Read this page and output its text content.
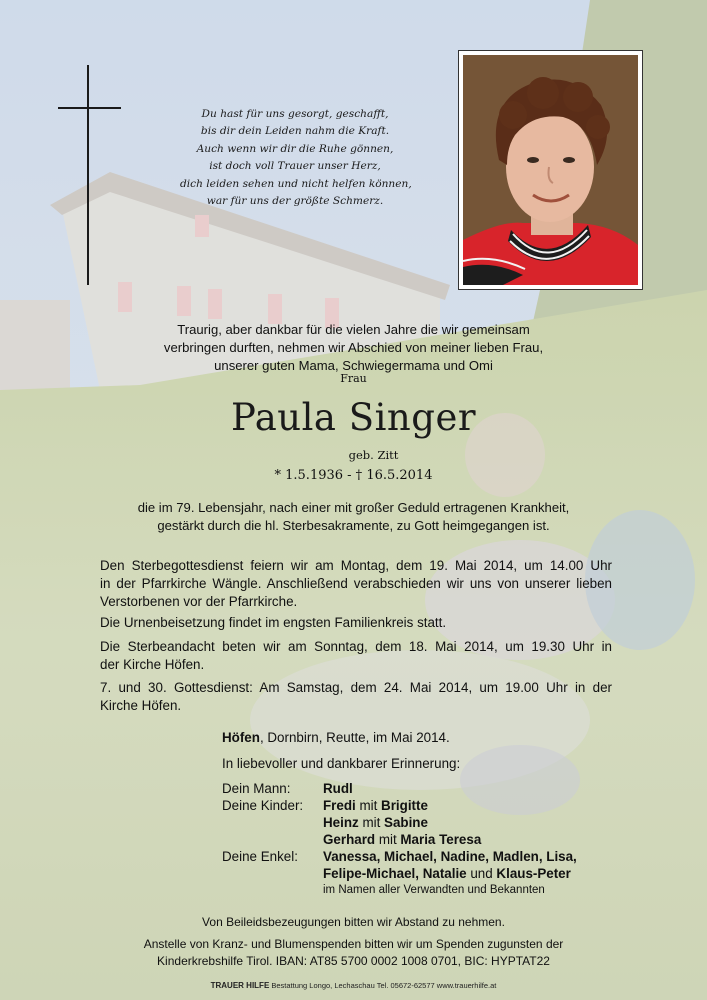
Du hast für uns gesorgt, geschafft,
bis dir dein Leiden nahm die Kraft.
Auch wenn wir dir die Ruhe gönnen,
ist doch voll Trauer unser Herz,
dich leiden sehen und nicht helfen können,
war für uns der größte Schmerz.
Traurig, aber dankbar für die vielen Jahre die wir gemeinsam
verbringen durften, nehmen wir Abschied von meiner lieben Frau,
unserer guten Mama, Schwiegermama und Omi
Frau
Paula Singer
geb. Zitt
* 1.5.1936 - † 16.5.2014
die im 79. Lebensjahr, nach einer mit großer Geduld ertragenen Krankheit,
gestärkt durch die hl. Sterbesakramente, zu Gott heimgegangen ist.
Den Sterbegottesdienst feiern wir am Montag, dem 19. Mai 2014, um 14.00 Uhr
in der Pfarrkirche Wängle. Anschließend verabschieden wir uns von unserer lieben
Verstorbenen vor der Pfarrkirche.
Die Urnenbeisetzung findet im engsten Familienkreis statt.
Die Sterbeandacht beten wir am Sonntag, dem 18. Mai 2014, um 19.30 Uhr in
der Kirche Höfen.
7. und 30. Gottesdienst: Am Samstag, dem 24. Mai 2014, um 19.00 Uhr in der
Kirche Höfen.
Höfen, Dornbirn, Reutte, im Mai 2014.
In liebevoller und dankbarer Erinnerung:
Dein Mann: Rudl
Deine Kinder: Fredi mit Brigitte
Heinz mit Sabine
Gerhard mit Maria Teresa
Deine Enkel: Vanessa, Michael, Nadine, Madlen, Lisa,
Felipe-Michael, Natalie und Klaus-Peter
im Namen aller Verwandten und Bekannten
Von Beileidsbezeugungen bitten wir Abstand zu nehmen.
Anstelle von Kranz- und Blumenspenden bitten wir um Spenden zugunsten der
Kinderkrebshilfe Tirol. IBAN: AT85 5700 0002 1008 0701, BIC: HYPTAT22
TRAUER HILFE Bestattung Longo, Lechaschau Tel. 05672-62577 www.trauerhilfe.at
